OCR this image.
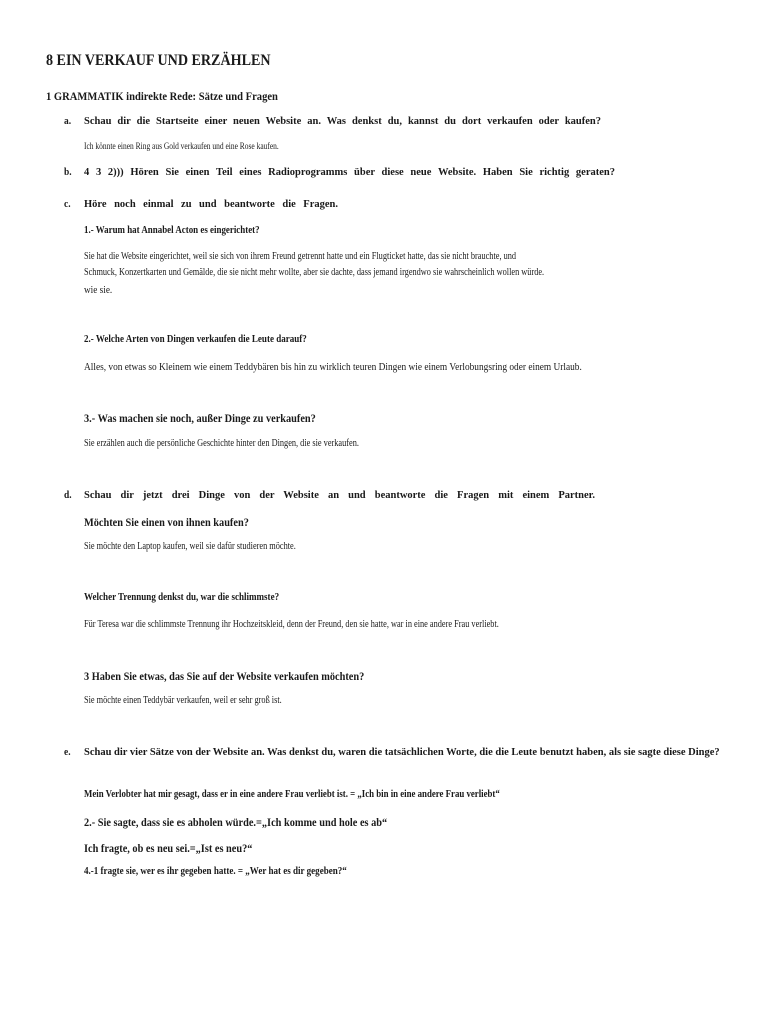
8 EIN VERKAUF UND ERZÄHLEN
1 GRAMMATIK indirekte Rede: Sätze und Fragen
a. Schau dir die Startseite einer neuen Website an. Was denkst du, kannst du dort verkaufen oder kaufen?
Ich könnte einen Ring aus Gold verkaufen und eine Rose kaufen.
b. 4 3 2))) Hören Sie einen Teil eines Radioprogramms über diese neue Website. Haben Sie richtig geraten?
c. Höre noch einmal zu und beantworte die Fragen.
1.- Warum hat Annabel Acton es eingerichtet?
Sie hat die Website eingerichtet, weil sie sich von ihrem Freund getrennt hatte und ein Flugticket hatte, das sie nicht brauchte, und
Schmuck, Konzertkarten und Gemälde, die sie nicht mehr wollte, aber sie dachte, dass jemand irgendwo sie wahrscheinlich wollen würde.
wie sie.
2.- Welche Arten von Dingen verkaufen die Leute darauf?
Alles, von etwas so Kleinem wie einem Teddybären bis hin zu wirklich teuren Dingen wie einem Verlobungsring oder einem Urlaub.
3.- Was machen sie noch, außer Dinge zu verkaufen?
Sie erzählen auch die persönliche Geschichte hinter den Dingen, die sie verkaufen.
d. Schau dir jetzt drei Dinge von der Website an und beantworte die Fragen mit einem Partner.
Möchten Sie einen von ihnen kaufen?
Sie möchte den Laptop kaufen, weil sie dafür studieren möchte.
Welcher Trennung denkst du, war die schlimmste?
Für Teresa war die schlimmste Trennung ihr Hochzeitskleid, denn der Freund, den sie hatte, war in eine andere Frau verliebt.
3 Haben Sie etwas, das Sie auf der Website verkaufen möchten?
Sie möchte einen Teddybär verkaufen, weil er sehr groß ist.
e. Schau dir vier Sätze von der Website an. Was denkst du, waren die tatsächlichen Worte, die die Leute benutzt haben, als sie sagte diese Dinge?
Mein Verlobter hat mir gesagt, dass er in eine andere Frau verliebt ist. = „Ich bin in eine andere Frau verliebt“
2.- Sie sagte, dass sie es abholen würde.=„Ich komme und hole es ab“
Ich fragte, ob es neu sei.=„Ist es neu?“
4.-1 fragte sie, wer es ihr gegeben hatte. = „Wer hat es dir gegeben?“
